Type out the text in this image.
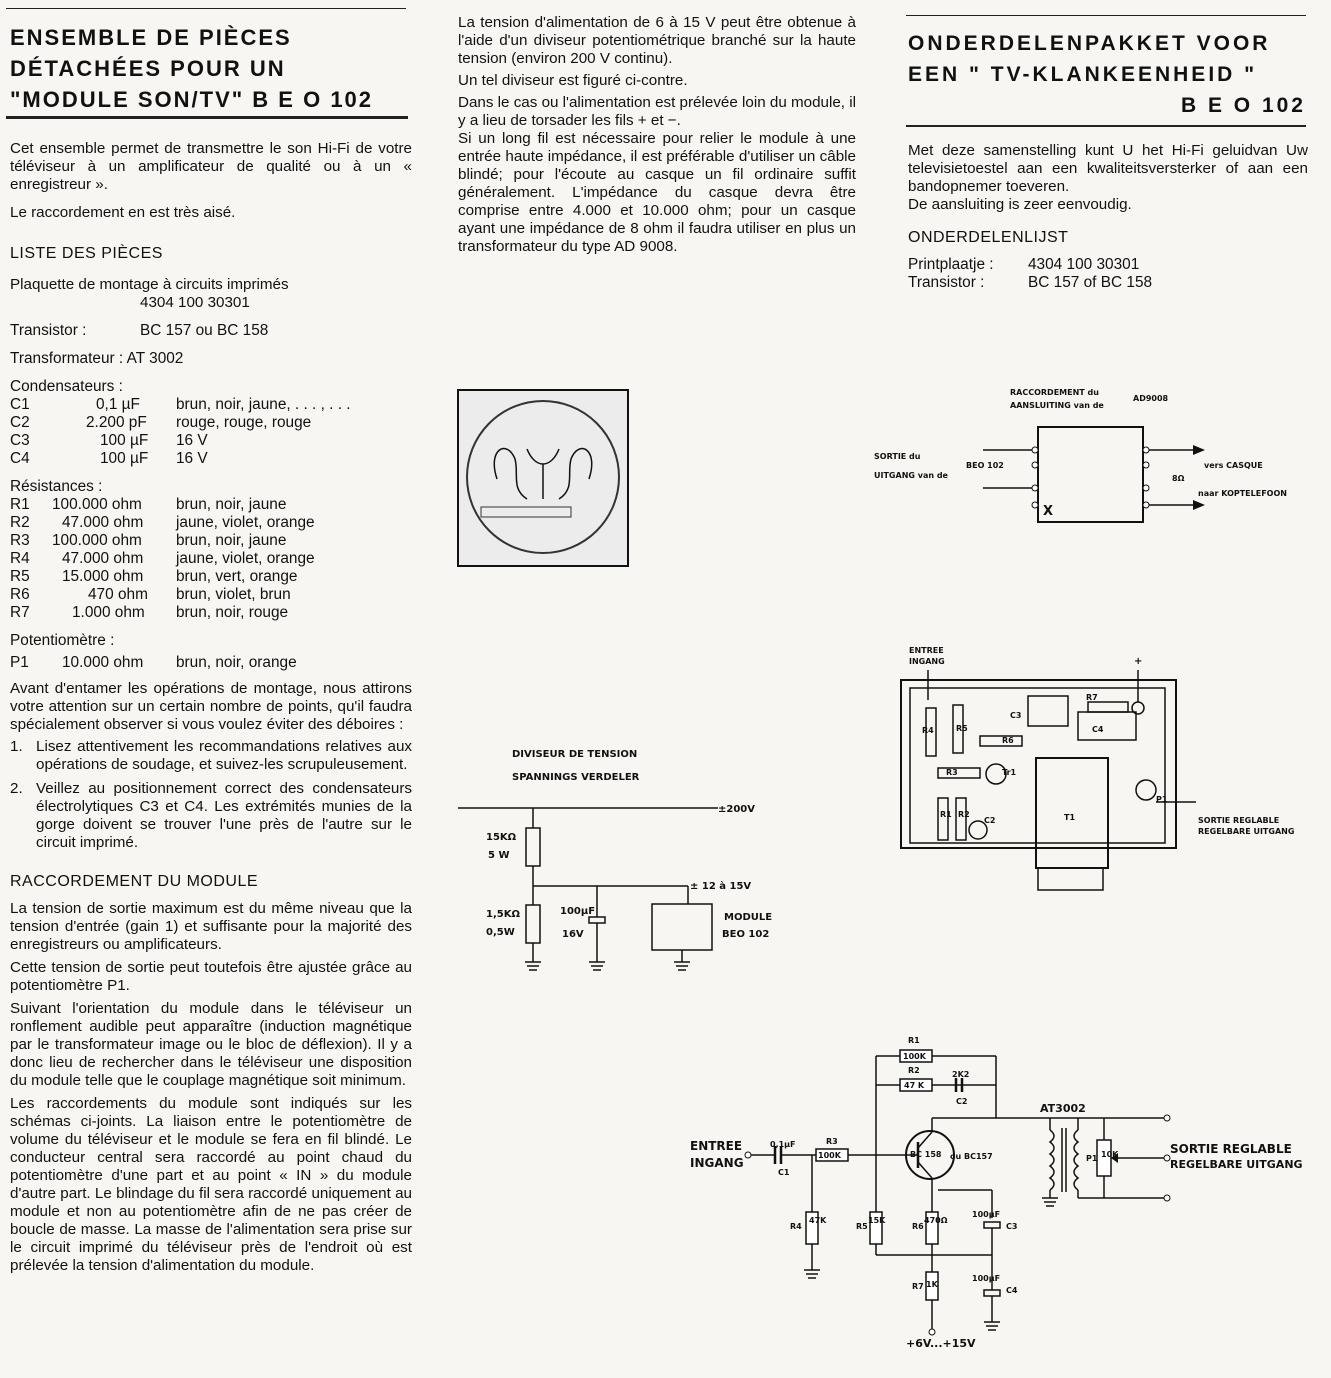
ENSEMBLE DE PIÈCES
DÉTACHÉES POUR UN
"MODULE SON/TV" B E O 102

Cet ensemble permet de transmettre le son Hi-Fi de votre téléviseur à un amplificateur de qualité ou à un « enregistreur ».

Le raccordement en est très aisé.

LISTE DES PIÈCES
Plaquette de montage à circuits imprimés
4304 100 30301
Transistor :	BC 157 ou BC 158
Transformateur : AT 3002
Condensateurs :
C1	0,1 µF brun, noir, jaune, . . . , . . .
C2	2.200 pF rouge, rouge, rouge
C3	100 µF 16 V
C4	100 µF 16 V
Résistances :
R1 100.000 ohm brun, noir, jaune
R2 47.000 ohm jaune, violet, orange
R3 100.000 ohm brun, noir, jaune
R4 47.000 ohm jaune, violet, orange
R5 15.000 ohm brun, vert, orange
R6	470 ohm brun, violet, brun
R7	1.000 ohm brun, noir, rouge
Potentiomètre :
P1 10.000 ohm brun, noir, orange

Avant d'entamer les opérations de montage, nous attirons votre attention sur un certain nombre de points, qu'il faudra spécialement observer si vous voulez éviter des déboires :

1. Lisez attentivement les recommandations relatives aux opérations de soudage, et suivez-les scrupuleusement.
2. Veillez au positionnement correct des condensateurs électrolytiques C3 et C4. Les extrémités munies de la gorge doivent se trouver l'une près de l'autre sur le circuit imprimé.
RACCORDEMENT DU MODULE

La tension de sortie maximum est du même niveau que la tension d'entrée (gain 1) et suffisante pour la majorité des enregistreurs ou amplificateurs.

Cette tension de sortie peut toutefois être ajustée grâce au potentiomètre P1.

Suivant l'orientation du module dans le téléviseur un ronflement audible peut apparaître (induction magnétique par le transformateur image ou le bloc de déflexion). Il y a donc lieu de rechercher dans le téléviseur une disposition du module telle que le couplage magnétique soit minimum.

Les raccordements du module sont indiqués sur les schémas ci-joints. La liaison entre le potentiomètre de volume du téléviseur et le module se fera en fil blindé. Le conducteur central sera raccordé au point chaud du potentiomètre d'une part et au point « IN » du module d'autre part. Le blindage du fil sera raccordé uniquement au module et non au potentiomètre afin de ne pas créer de boucle de masse. La masse de l'alimentation sera prise sur le circuit imprimé du téléviseur près de l'endroit où est prélevée la tension d'alimentation du module.

La tension d'alimentation de 6 à 15 V peut être obtenue à l'aide d'un diviseur potentiométrique branché sur la haute tension (environ 200 V continu).

Un tel diviseur est figuré ci-contre.

Dans le cas ou l'alimentation est prélevée loin du module, il y a lieu de torsader les fils + et −.

Si un long fil est nécessaire pour relier le module à une entrée haute impédance, il est préférable d'utiliser un câble blindé; pour l'écoute au casque un fil ordinaire suffit généralement. L'impédance du casque devra être comprise entre 4.000 et 10.000 ohm; pour un casque ayant une impédance de 8 ohm il faudra utiliser en plus un transformateur du type AD 9008.

DIVISEUR DE TENSION
SPANNINGS VERDELER
±200V
15KΩ
5 W
± 12 à 15V
1,5KΩ
0,5W
100µF
16V
MODULE
BEO 102
ONDERDELENPAKKET VOOR
EEN " TV-KLANKEENHEID "
B E O 102

Met deze samenstelling kunt U het Hi-Fi geluidvan Uw televisietoestel aan een kwaliteitsversterker of aan een bandopnemer toeveren.

De aansluiting is zeer eenvoudig.

ONDERDELENLIJST
Printplaatje : 4304 100 30301
Transistor :	BC 157 of BC 158
RACCORDEMENT du
AANSLUITING van de
AD9008
SORTIE du
UITGANG van de
BEO 102	vers CASQUE
8Ω
naar KOPTELEFOON
X
ENTREE
INGANG	+
R7
C3
C4
R6
R3	Tr1
T1
P1
C2
R1
R4	R5
R2
SORTIE REGLABLE
REGELBARE UITGANG
R1
100K
R2
47 K
2K2
C2
AT3002
ENTREE
INGANG
0,1µF
C1
R3
100K	BC 158 ou BC157
R4
47K
R5
15K
R6
470Ω
R7 1K
100µF
C3
100µF
C4
P1 10K	SORTIE REGLABLE
REGELBARE UITGANG
+6V...+15V
